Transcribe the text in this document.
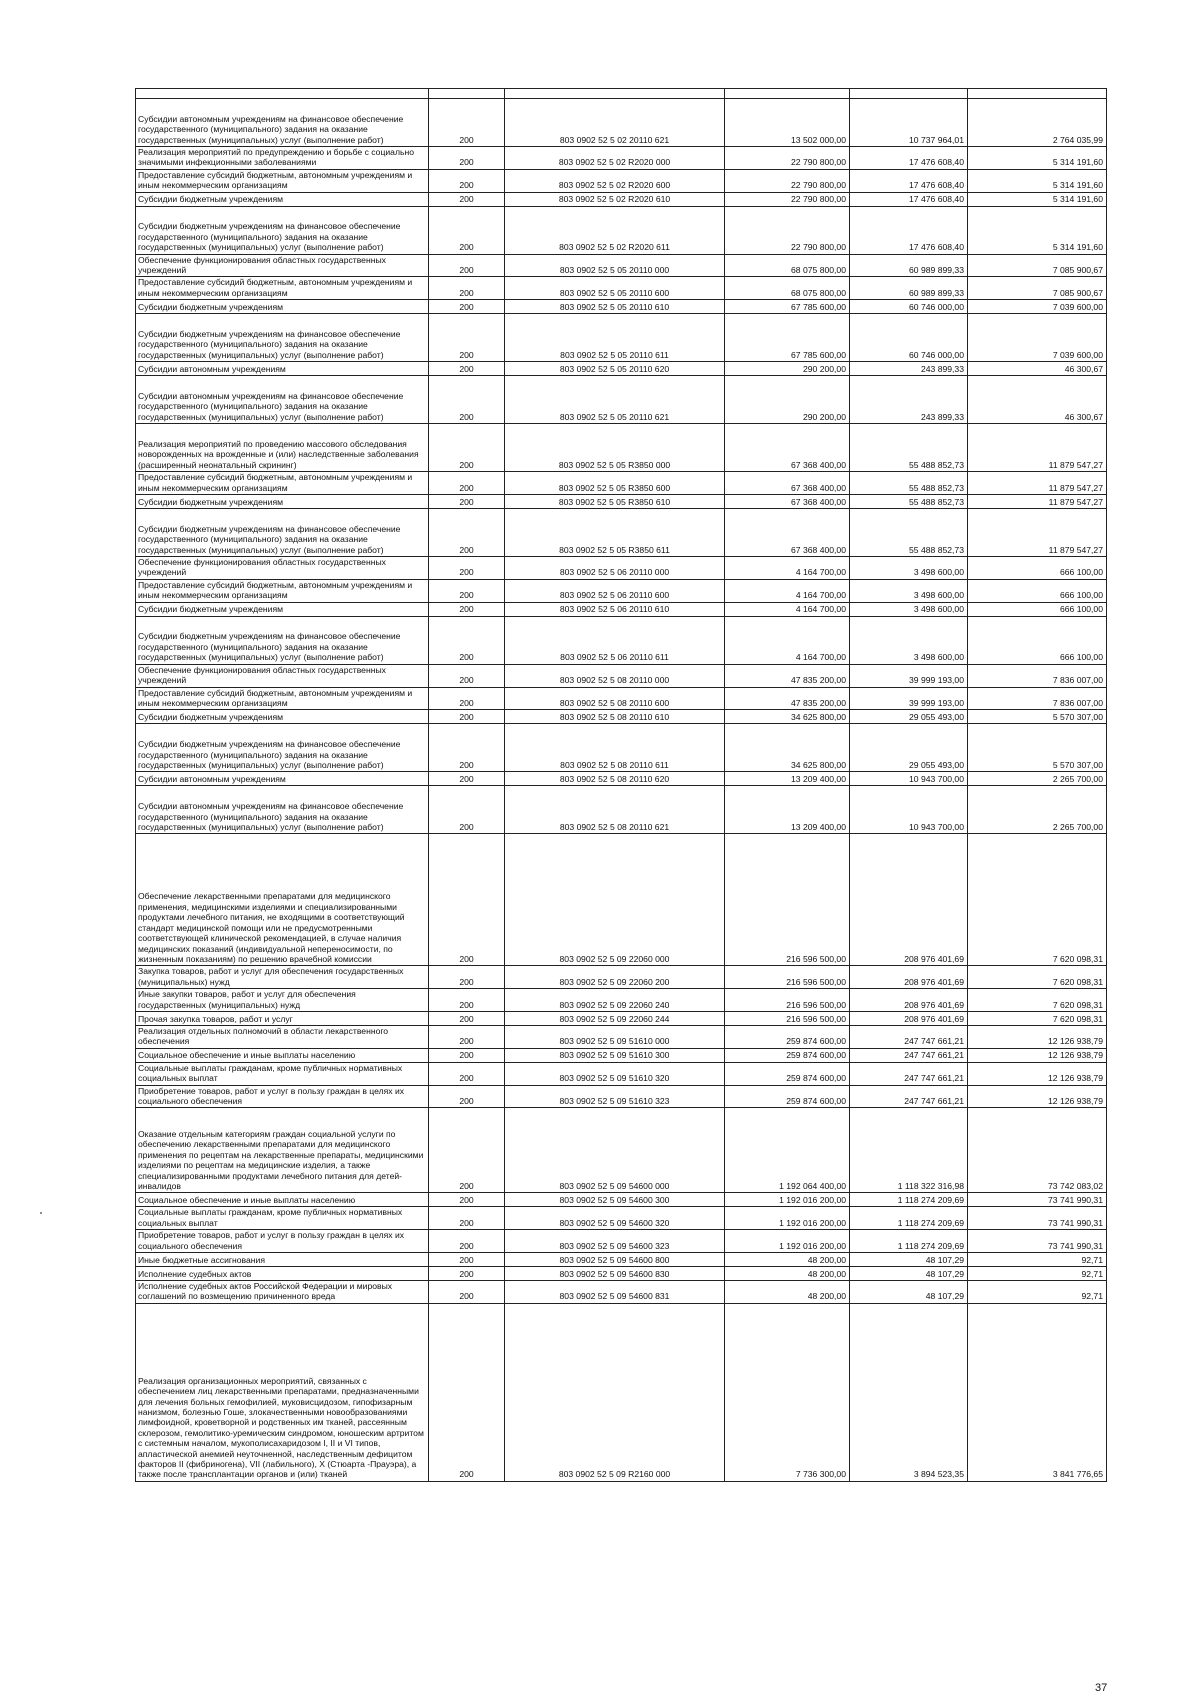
Субсидии автономным учреждениям на финансовое обеспечение государственного (муниципального) задания на оказание государственных (муниципальных) услуг (выполнение работ)	200	803 0902 52 5 02 20110 621	13 502 000,00	10 737 964,01	2 764 035,99
Реализация мероприятий по предупреждению и борьбе с социально значимыми инфекционными заболеваниями	200	803 0902 52 5 02 R2020 000	22 790 800,00	17 476 608,40	5 314 191,60
Предоставление субсидий бюджетным, автономным учреждениям и иным некоммерческим организациям	200	803 0902 52 5 02 R2020 600	22 790 800,00	17 476 608,40	5 314 191,60
Субсидии бюджетным учреждениям	200	803 0902 52 5 02 R2020 610	22 790 800,00	17 476 608,40	5 314 191,60
Субсидии бюджетным учреждениям на финансовое обеспечение государственного (муниципального) задания на оказание государственных (муниципальных) услуг (выполнение работ)	200	803 0902 52 5 02 R2020 611	22 790 800,00	17 476 608,40	5 314 191,60
Обеспечение функционирования областных государственных учреждений	200	803 0902 52 5 05 20110 000	68 075 800,00	60 989 899,33	7 085 900,67
Предоставление субсидий бюджетным, автономным учреждениям и иным некоммерческим организациям	200	803 0902 52 5 05 20110 600	68 075 800,00	60 989 899,33	7 085 900,67
Субсидии бюджетным учреждениям	200	803 0902 52 5 05 20110 610	67 785 600,00	60 746 000,00	7 039 600,00
Субсидии бюджетным учреждениям на финансовое обеспечение государственного (муниципального) задания на оказание государственных (муниципальных) услуг (выполнение работ)	200	803 0902 52 5 05 20110 611	67 785 600,00	60 746 000,00	7 039 600,00
Субсидии автономным учреждениям	200	803 0902 52 5 05 20110 620	290 200,00	243 899,33	46 300,67
Субсидии автономным учреждениям на финансовое обеспечение государственного (муниципального) задания на оказание государственных (муниципальных) услуг (выполнение работ)	200	803 0902 52 5 05 20110 621	290 200,00	243 899,33	46 300,67
Реализация мероприятий по проведению массового обследования новорожденных на врожденные и (или) наследственные заболевания (расширенный неонатальный скрининг)	200	803 0902 52 5 05 R3850 000	67 368 400,00	55 488 852,73	11 879 547,27
Предоставление субсидий бюджетным, автономным учреждениям и иным некоммерческим организациям	200	803 0902 52 5 05 R3850 600	67 368 400,00	55 488 852,73	11 879 547,27
Субсидии бюджетным учреждениям	200	803 0902 52 5 05 R3850 610	67 368 400,00	55 488 852,73	11 879 547,27
Субсидии бюджетным учреждениям на финансовое обеспечение государственного (муниципального) задания на оказание государственных (муниципальных) услуг (выполнение работ)	200	803 0902 52 5 05 R3850 611	67 368 400,00	55 488 852,73	11 879 547,27
Обеспечение функционирования областных государственных учреждений	200	803 0902 52 5 06 20110 000	4 164 700,00	3 498 600,00	666 100,00
Предоставление субсидий бюджетным, автономным учреждениям и иным некоммерческим организациям	200	803 0902 52 5 06 20110 600	4 164 700,00	3 498 600,00	666 100,00
Субсидии бюджетным учреждениям	200	803 0902 52 5 06 20110 610	4 164 700,00	3 498 600,00	666 100,00
Субсидии бюджетным учреждениям на финансовое обеспечение государственного (муниципального) задания на оказание государственных (муниципальных) услуг (выполнение работ)	200	803 0902 52 5 06 20110 611	4 164 700,00	3 498 600,00	666 100,00
Обеспечение функционирования областных государственных учреждений	200	803 0902 52 5 08 20110 000	47 835 200,00	39 999 193,00	7 836 007,00
Предоставление субсидий бюджетным, автономным учреждениям и иным некоммерческим организациям	200	803 0902 52 5 08 20110 600	47 835 200,00	39 999 193,00	7 836 007,00
Субсидии бюджетным учреждениям	200	803 0902 52 5 08 20110 610	34 625 800,00	29 055 493,00	5 570 307,00
Субсидии бюджетным учреждениям на финансовое обеспечение государственного (муниципального) задания на оказание государственных (муниципальных) услуг (выполнение работ)	200	803 0902 52 5 08 20110 611	34 625 800,00	29 055 493,00	5 570 307,00
Субсидии автономным учреждениям	200	803 0902 52 5 08 20110 620	13 209 400,00	10 943 700,00	2 265 700,00
Субсидии автономным учреждениям на финансовое обеспечение государственного (муниципального) задания на оказание государственных (муниципальных) услуг (выполнение работ)	200	803 0902 52 5 08 20110 621	13 209 400,00	10 943 700,00	2 265 700,00
Обеспечение лекарственными препаратами для медицинского применения, медицинскими изделиями и специализированными продуктами лечебного питания, не входящими в соответствующий стандарт медицинской помощи или не предусмотренными соответствующей клинической рекомендацией, в случае наличия медицинских показаний (индивидуальной непереносимости, по жизненным показаниям) по решению врачебной комиссии	200	803 0902 52 5 09 22060 000	216 596 500,00	208 976 401,69	7 620 098,31
Закупка товаров, работ и услуг для обеспечения государственных (муниципальных) нужд	200	803 0902 52 5 09 22060 200	216 596 500,00	208 976 401,69	7 620 098,31
Иные закупки товаров, работ и услуг для обеспечения государственных (муниципальных) нужд	200	803 0902 52 5 09 22060 240	216 596 500,00	208 976 401,69	7 620 098,31
Прочая закупка товаров, работ и услуг	200	803 0902 52 5 09 22060 244	216 596 500,00	208 976 401,69	7 620 098,31
Реализация отдельных полномочий в области лекарственного обеспечения	200	803 0902 52 5 09 51610 000	259 874 600,00	247 747 661,21	12 126 938,79
Социальное обеспечение и иные выплаты населению	200	803 0902 52 5 09 51610 300	259 874 600,00	247 747 661,21	12 126 938,79
Социальные выплаты гражданам, кроме публичных нормативных социальных выплат	200	803 0902 52 5 09 51610 320	259 874 600,00	247 747 661,21	12 126 938,79
Приобретение товаров, работ и услуг в пользу граждан в целях их социального обеспечения	200	803 0902 52 5 09 51610 323	259 874 600,00	247 747 661,21	12 126 938,79
Оказание отдельным категориям граждан социальной услуги по обеспечению лекарственными препаратами для медицинского применения по рецептам на лекарственные препараты, медицинскими изделиями по рецептам на медицинские изделия, а также специализированными продуктами лечебного питания для детей-инвалидов	200	803 0902 52 5 09 54600 000	1 192 064 400,00	1 118 322 316,98	73 742 083,02
Социальное обеспечение и иные выплаты населению	200	803 0902 52 5 09 54600 300	1 192 016 200,00	1 118 274 209,69	73 741 990,31
Социальные выплаты гражданам, кроме публичных нормативных социальных выплат	200	803 0902 52 5 09 54600 320	1 192 016 200,00	1 118 274 209,69	73 741 990,31
Приобретение товаров, работ и услуг в пользу граждан в целях их социального обеспечения	200	803 0902 52 5 09 54600 323	1 192 016 200,00	1 118 274 209,69	73 741 990,31
Иные бюджетные ассигнования	200	803 0902 52 5 09 54600 800	48 200,00	48 107,29	92,71
Исполнение судебных актов	200	803 0902 52 5 09 54600 830	48 200,00	48 107,29	92,71
Исполнение судебных актов Российской Федерации и мировых соглашений по возмещению причиненного вреда	200	803 0902 52 5 09 54600 831	48 200,00	48 107,29	92,71
Реализация организационных мероприятий, связанных с обеспечением лиц лекарственными препаратами, предназначенными для лечения больных гемофилией, муковисцидозом, гипофизарным нанизмом, болезнью Гоше, злокачественными новообразованиями лимфоидной, кроветворной и родственных им тканей, рассеянным склерозом, гемолитико-уремическим синдромом, юношеским артритом с системным началом, мукополисахаридозом I, II и VI типов, апластической анемией неуточненной, наследственным дефицитом факторов II (фибриногена), VII (лабильного), X (Стюарта -Прауэра), а также после трансплантации органов и (или) тканей	200	803 0902 52 5 09 R2160 000	7 736 300,00	3 894 523,35	3 841 776,65
37
